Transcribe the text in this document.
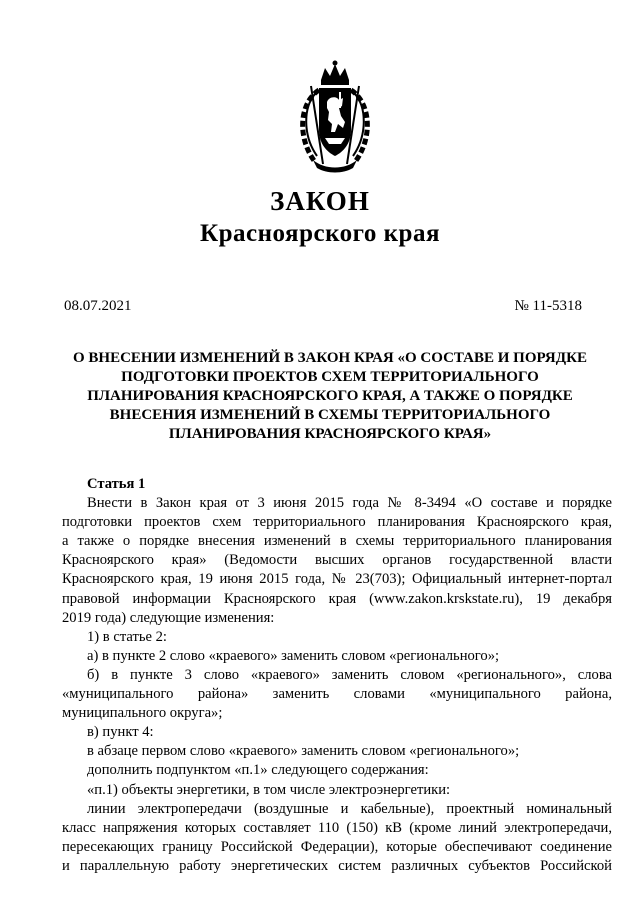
ЗАКОН
Красноярского края
08.07.2021	№ 11-5318
О ВНЕСЕНИИ ИЗМЕНЕНИЙ В ЗАКОН КРАЯ «О СОСТАВЕ И ПОРЯДКЕ
ПОДГОТОВКИ ПРОЕКТОВ СХЕМ ТЕРРИТОРИАЛЬНОГО
ПЛАНИРОВАНИЯ КРАСНОЯРСКОГО КРАЯ, А ТАКЖЕ О ПОРЯДКЕ
ВНЕСЕНИЯ ИЗМЕНЕНИЙ В СХЕМЫ ТЕРРИТОРИАЛЬНОГО
ПЛАНИРОВАНИЯ КРАСНОЯРСКОГО КРАЯ»
Статья 1
Внести в Закон края от 3 июня 2015 года № 8-3494 «О составе и порядке
подготовки проектов схем территориального планирования Красноярского края,
а также о порядке внесения изменений в схемы территориального планирования
Красноярского края» (Ведомости высших органов государственной власти
Красноярского края, 19 июня 2015 года, № 23(703); Официальный интернет-портал
правовой информации Красноярского края (www.zakon.krskstate.ru), 19 декабря
2019 года) следующие изменения:
1) в статье 2:
а) в пункте 2 слово «краевого» заменить словом «регионального»;
б) в пункте 3 слово «краевого» заменить словом «регионального», слова
«муниципального района» заменить словами «муниципального района,
муниципального округа»;
в) пункт 4:
в абзаце первом слово «краевого» заменить словом «регионального»;
дополнить подпунктом «п.1» следующего содержания:
«п.1) объекты энергетики, в том числе электроэнергетики:
линии электропередачи (воздушные и кабельные), проектный номинальный
класс напряжения которых составляет 110 (150) кВ (кроме линий электропередачи,
пересекающих границу Российской Федерации), которые обеспечивают соединение
и параллельную работу энергетических систем различных субъектов Российской
